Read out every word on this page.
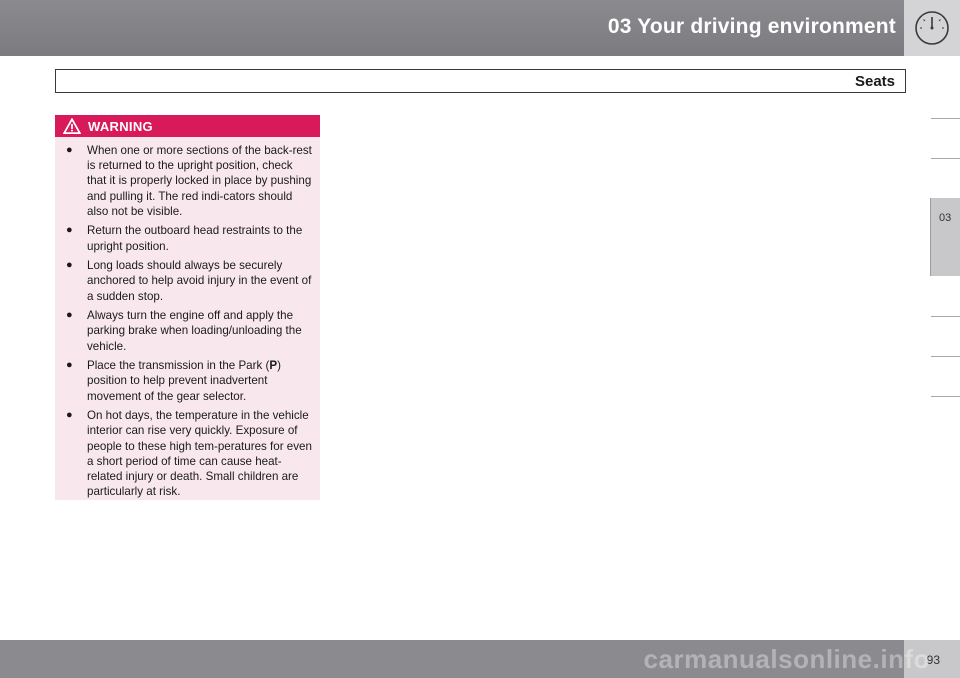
03 Your driving environment
Seats
03
WARNING
● When one or more sections of the back-rest is returned to the upright position, check that it is properly locked in place by pushing and pulling it. The red indi-cators should also not be visible.
● Return the outboard head restraints to the upright position.
● Long loads should always be securely anchored to help avoid injury in the event of a sudden stop.
● Always turn the engine off and apply the parking brake when loading/unloading the vehicle.
● Place the transmission in the Park (P) position to help prevent inadvertent movement of the gear selector.
● On hot days, the temperature in the vehicle interior can rise very quickly. Exposure of people to these high tem-peratures for even a short period of time can cause heat-related injury or death. Small children are particularly at risk.
93
carmanualsonline.info
